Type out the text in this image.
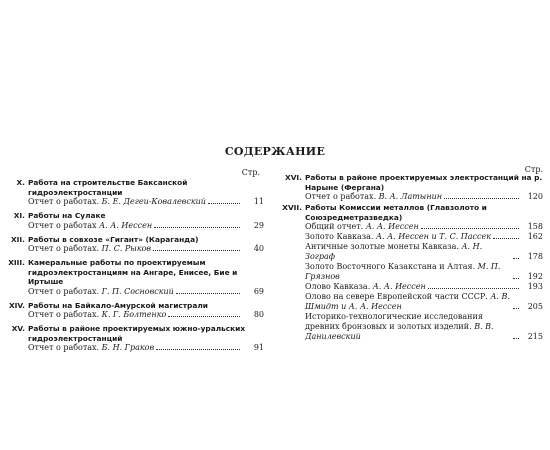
СОДЕРЖАНИЕ
Стр.
X. Работа на строительстве Баксанской гидроэлектростанции
Отчет о работах. Б. Е. Дегеи-Ковалевский	11
XI. Работы на Сулаке
Отчет о работах А. А. Иессен	29
XII. Работы в совхозе «Гигант» (Караганда)
Отчет о работах. П. С. Рыков	40
XIII. Камеральные работы по проектируемым гидроэлектростанциям на Ангаре, Енисее, Бие и Иртыше
Отчет о работах. Г. П. Сосновский	69
XIV. Работы на Байкало-Амурской магистрали
Отчет о работах. К. Г. Болтенко	80
XV. Работы в районе проектируемых южно-уральских гидроэлектростанций
Отчет о работах. Б. Н. Граков	91
Стр.
XVI. Работы в районе проектируемых электростанций на р. Нарыне (Фергана)
Отчет о работах. В. А. Латынин	120
XVII. Работы Комиссии металлов (Главзолото и Союзредметразведка)
Общий отчет. А. А. Иессен	158
Золото Кавказа. А. А. Иессен и Т. С. Пассек	162
Античные золотые монеты Кавказа. А. Н. Зограф	178
Золото Восточного Казакстана и Алтая. М. П. Грязнов	192
Олово Кавказа. А. А. Иессен	193
Олово на севере Европейской части СССР. А. В. Шмидт и А. А. Иессен	205
Историко-технологические исследования древних бронзовых и золотых изделий. В. В. Данилевский	215
